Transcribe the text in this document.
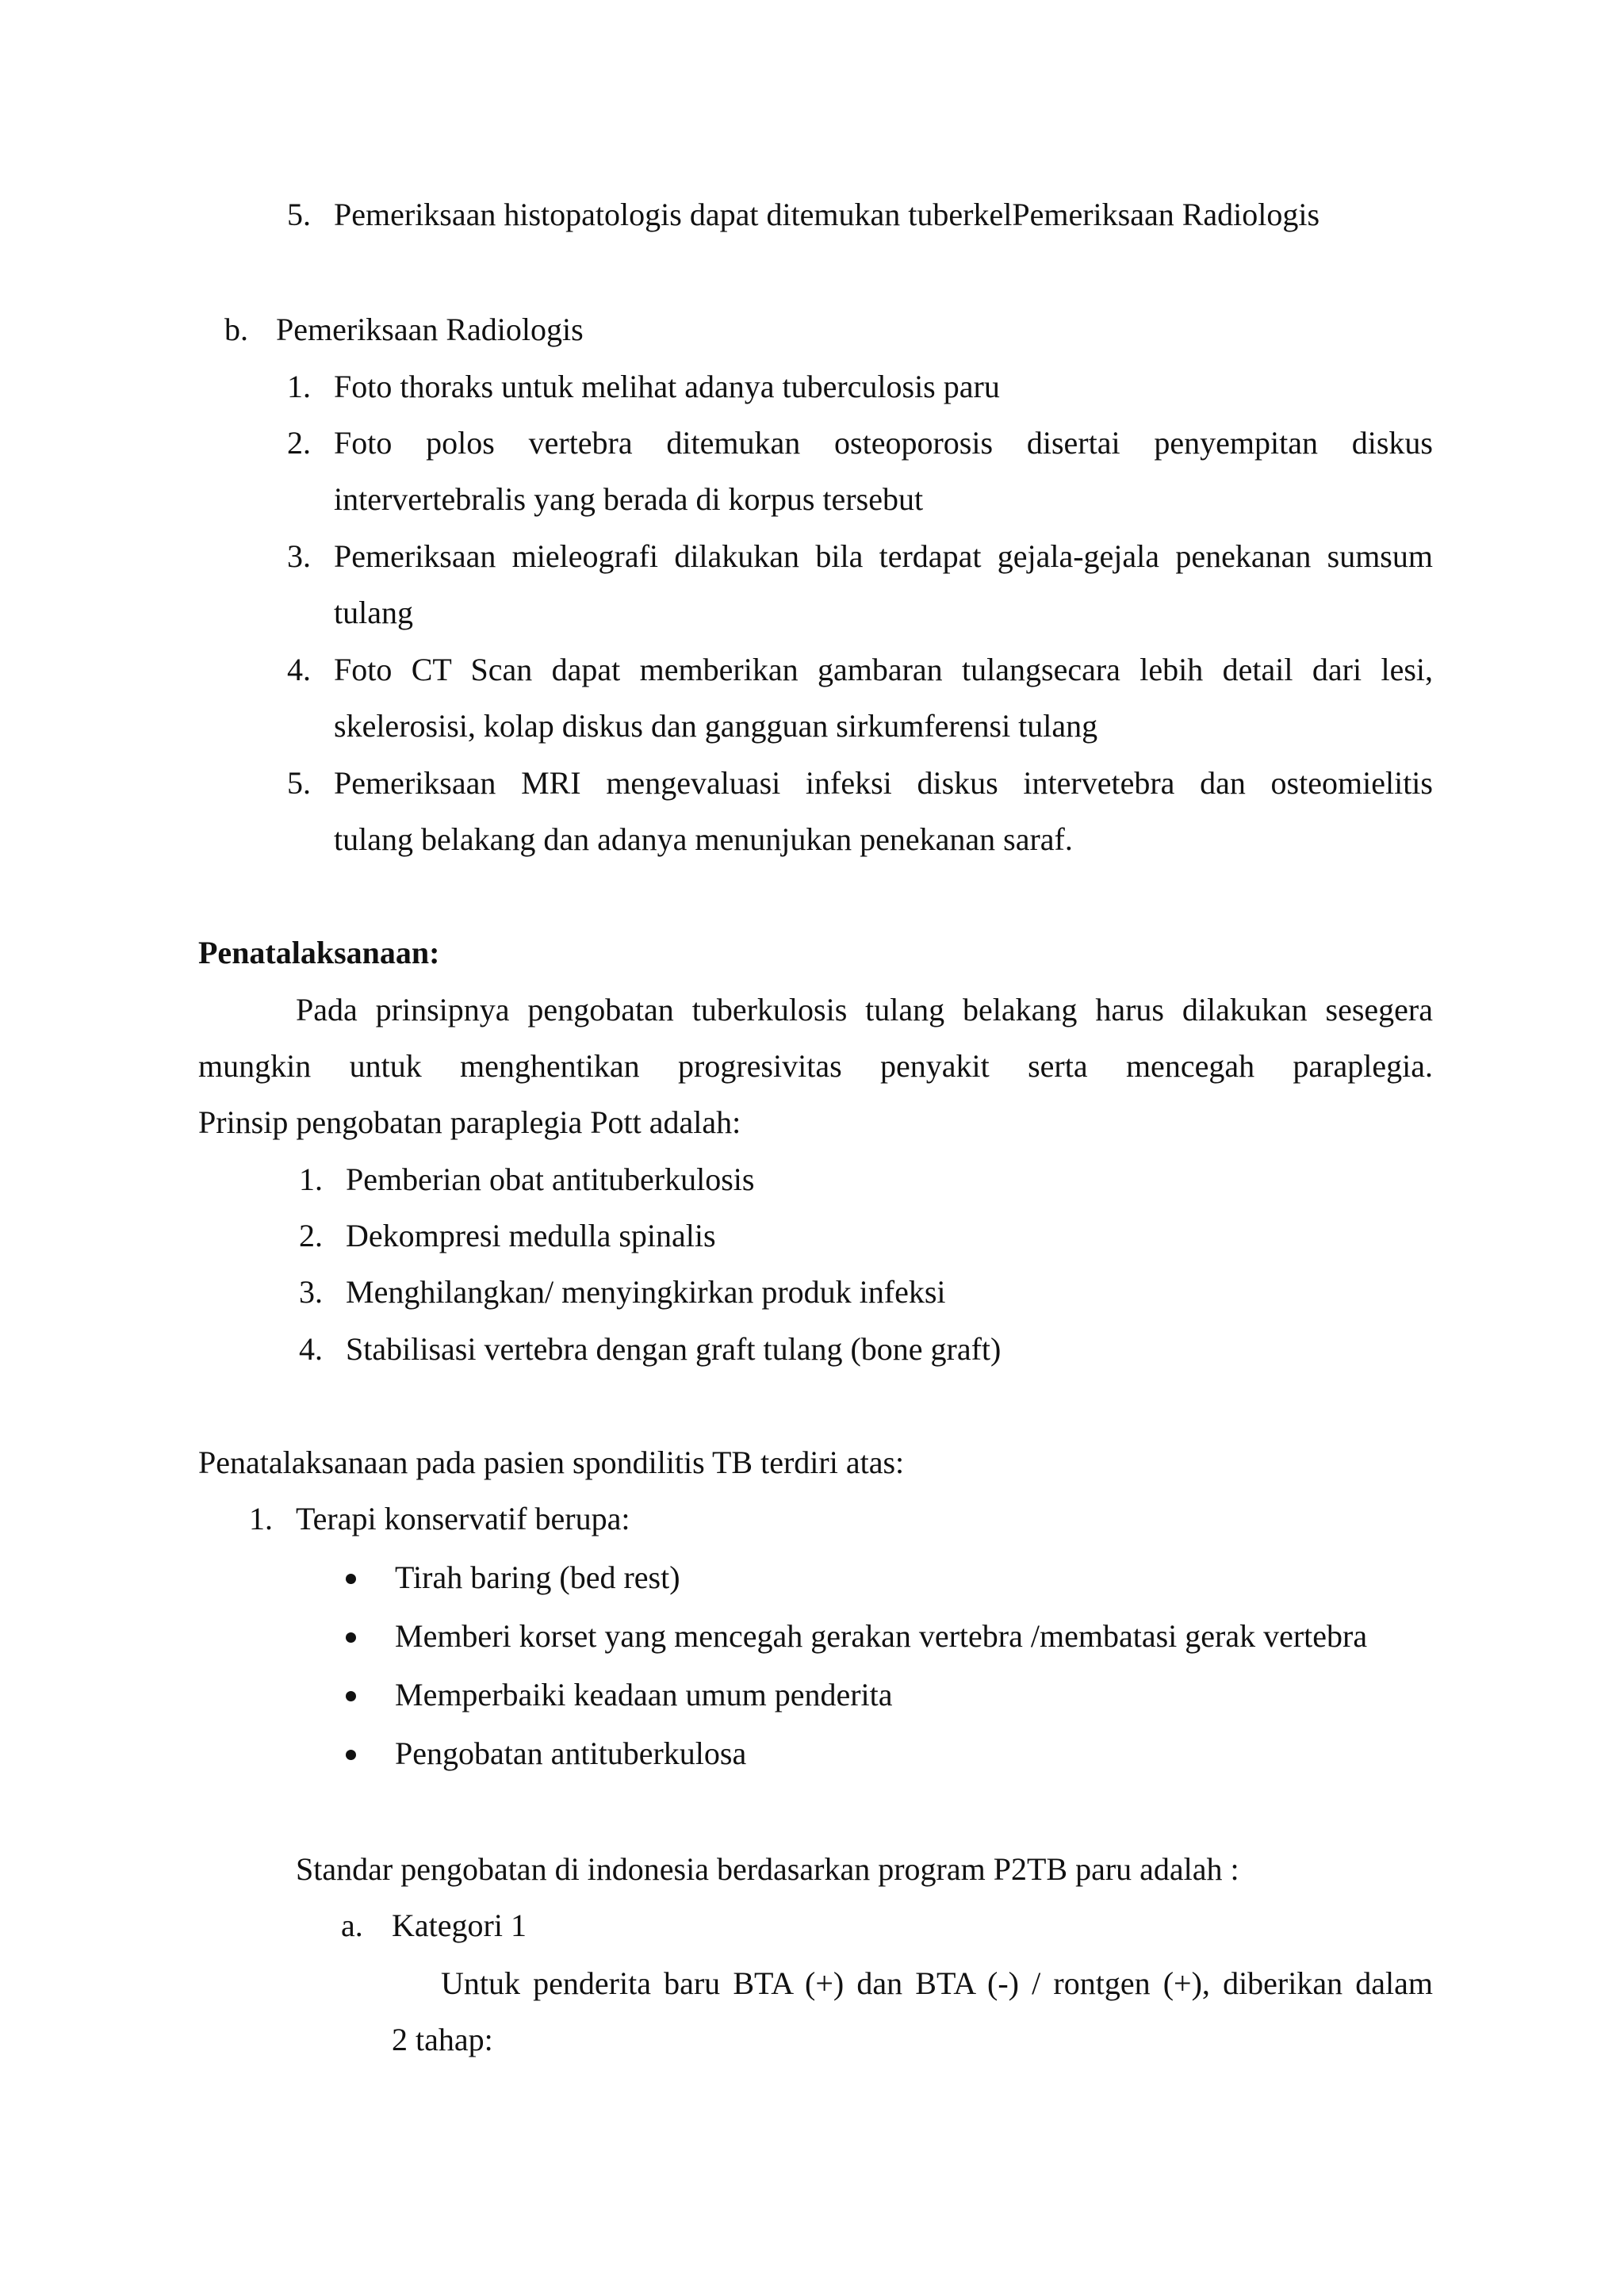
5. Pemeriksaan histopatologis dapat ditemukan tuberkelPemeriksaan Radiologis
b. Pemeriksaan Radiologis
1. Foto thoraks untuk melihat adanya tuberculosis paru
2. Foto polos vertebra ditemukan osteoporosis disertai penyempitan diskus
intervertebralis yang berada di korpus tersebut
3. Pemeriksaan mieleografi dilakukan bila terdapat gejala-gejala penekanan sumsum
tulang
4. Foto CT Scan dapat memberikan gambaran tulangsecara lebih detail dari lesi,
skelerosisi, kolap diskus dan gangguan sirkumferensi tulang
5. Pemeriksaan MRI mengevaluasi infeksi diskus intervetebra dan osteomielitis
tulang belakang dan adanya menunjukan penekanan saraf.
Penatalaksanaan:
Pada prinsipnya pengobatan tuberkulosis tulang belakang harus dilakukan sesegera
mungkin untuk menghentikan progresivitas penyakit serta mencegah paraplegia.
Prinsip pengobatan paraplegia Pott adalah:
1. Pemberian obat antituberkulosis
2. Dekompresi medulla spinalis
3. Menghilangkan/ menyingkirkan produk infeksi
4. Stabilisasi vertebra dengan graft tulang (bone graft)
Penatalaksanaan pada pasien spondilitis TB terdiri atas:
1. Terapi konservatif berupa:
Tirah baring (bed rest)
Memberi korset yang mencegah gerakan vertebra /membatasi gerak vertebra
Memperbaiki keadaan umum penderita
Pengobatan antituberkulosa
Standar pengobatan di indonesia berdasarkan program P2TB paru adalah :
a. Kategori 1
Untuk penderita baru BTA (+) dan BTA (-) / rontgen (+), diberikan dalam
2 tahap:
